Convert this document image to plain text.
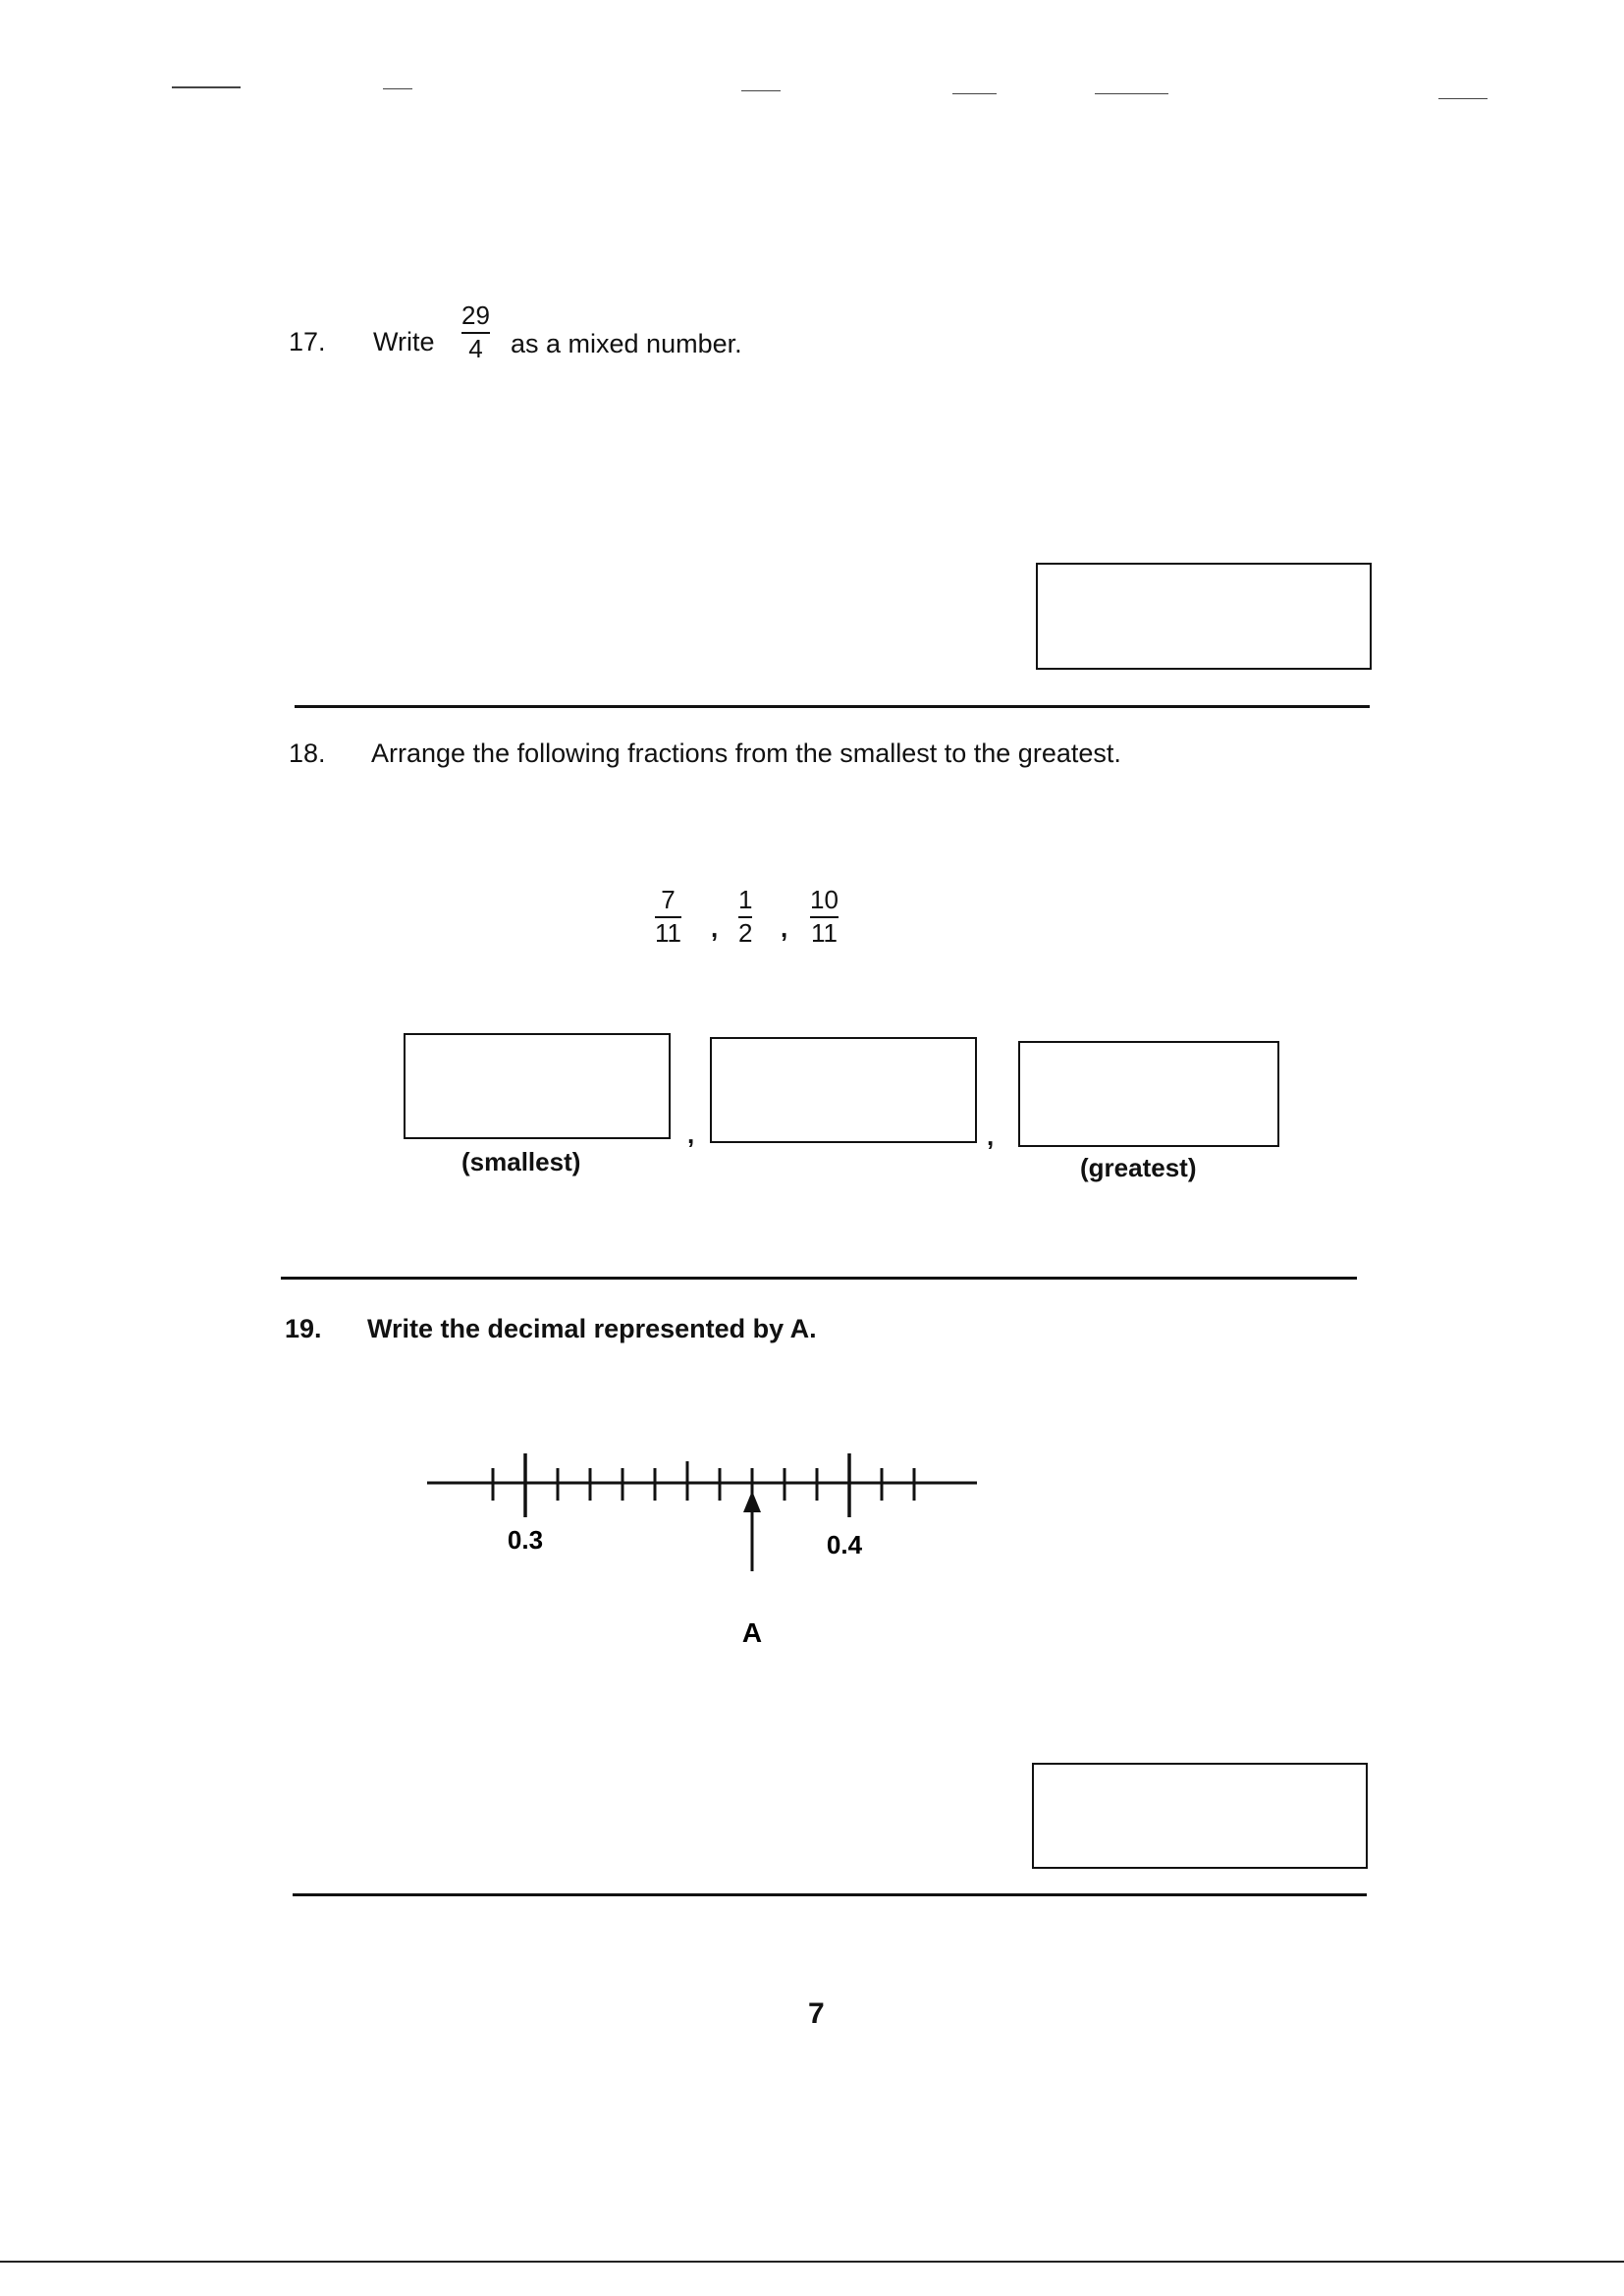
17. Write
29
4 as a mixed number.
18. Arrange the following fractions from the smallest to the greatest.
7
11 ,
1
2 ,
10
11
,	,
(smallest)	(greatest)
19. Write the decimal represented by A.
0.3	0.4
A
7
